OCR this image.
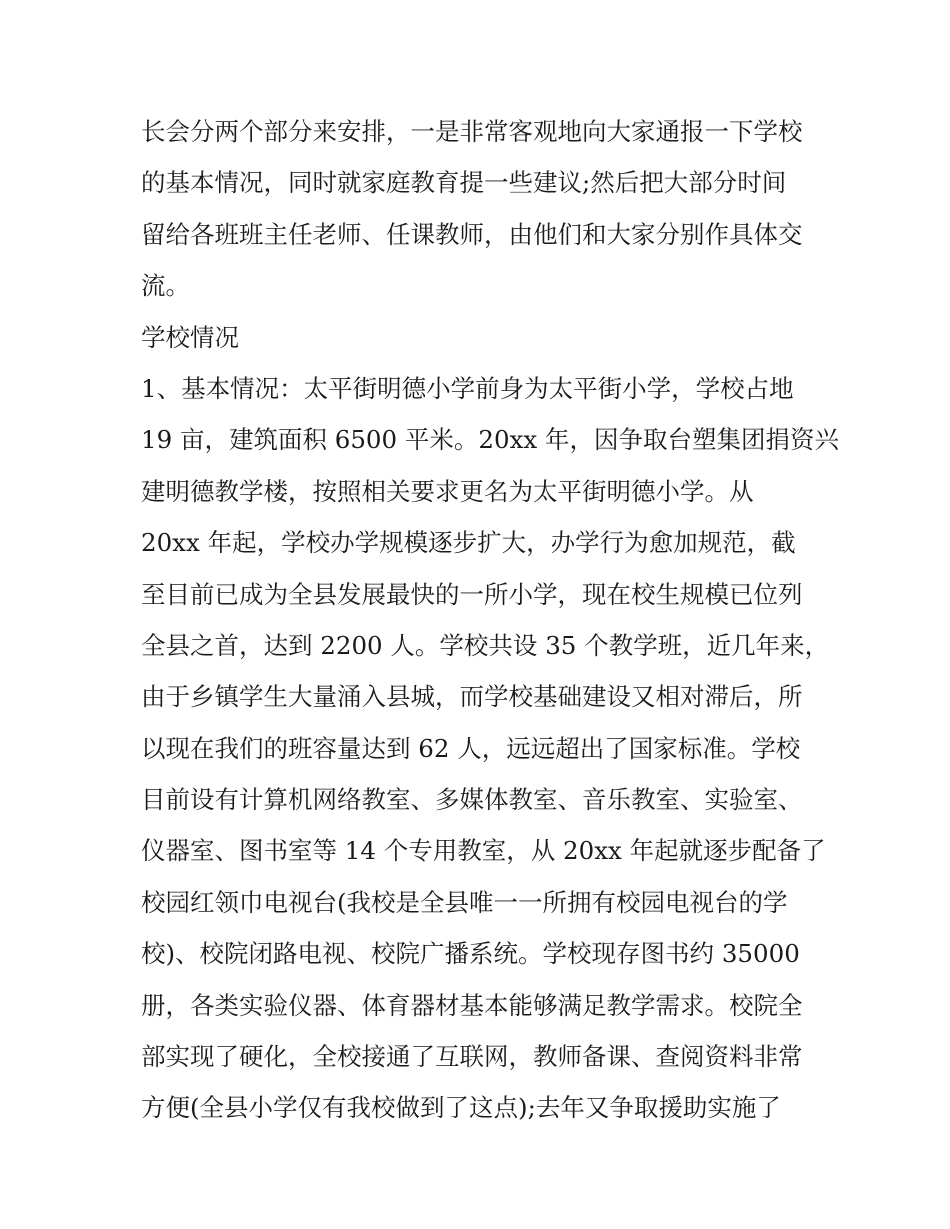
长会分两个部分来安排，一是非常客观地向大家通报一下学校
的基本情况，同时就家庭教育提一些建议;然后把大部分时间
留给各班班主任老师、任课教师，由他们和大家分别作具体交
流。
学校情况
1、基本情况：太平街明德小学前身为太平街小学，学校占地
19 亩，建筑面积 6500 平米。20xx 年，因争取台塑集团捐资兴
建明德教学楼，按照相关要求更名为太平街明德小学。从
20xx 年起，学校办学规模逐步扩大，办学行为愈加规范，截
至目前已成为全县发展最快的一所小学，现在校生规模已位列
全县之首，达到 2200 人。学校共设 35 个教学班，近几年来，
由于乡镇学生大量涌入县城，而学校基础建设又相对滞后，所
以现在我们的班容量达到 62 人，远远超出了国家标准。学校
目前设有计算机网络教室、多媒体教室、音乐教室、实验室、
仪器室、图书室等 14 个专用教室，从 20xx 年起就逐步配备了
校园红领巾电视台(我校是全县唯一一所拥有校园电视台的学
校)、校院闭路电视、校院广播系统。学校现存图书约 35000
册，各类实验仪器、体育器材基本能够满足教学需求。校院全
部实现了硬化，全校接通了互联网，教师备课、查阅资料非常
方便(全县小学仅有我校做到了这点);去年又争取援助实施了
